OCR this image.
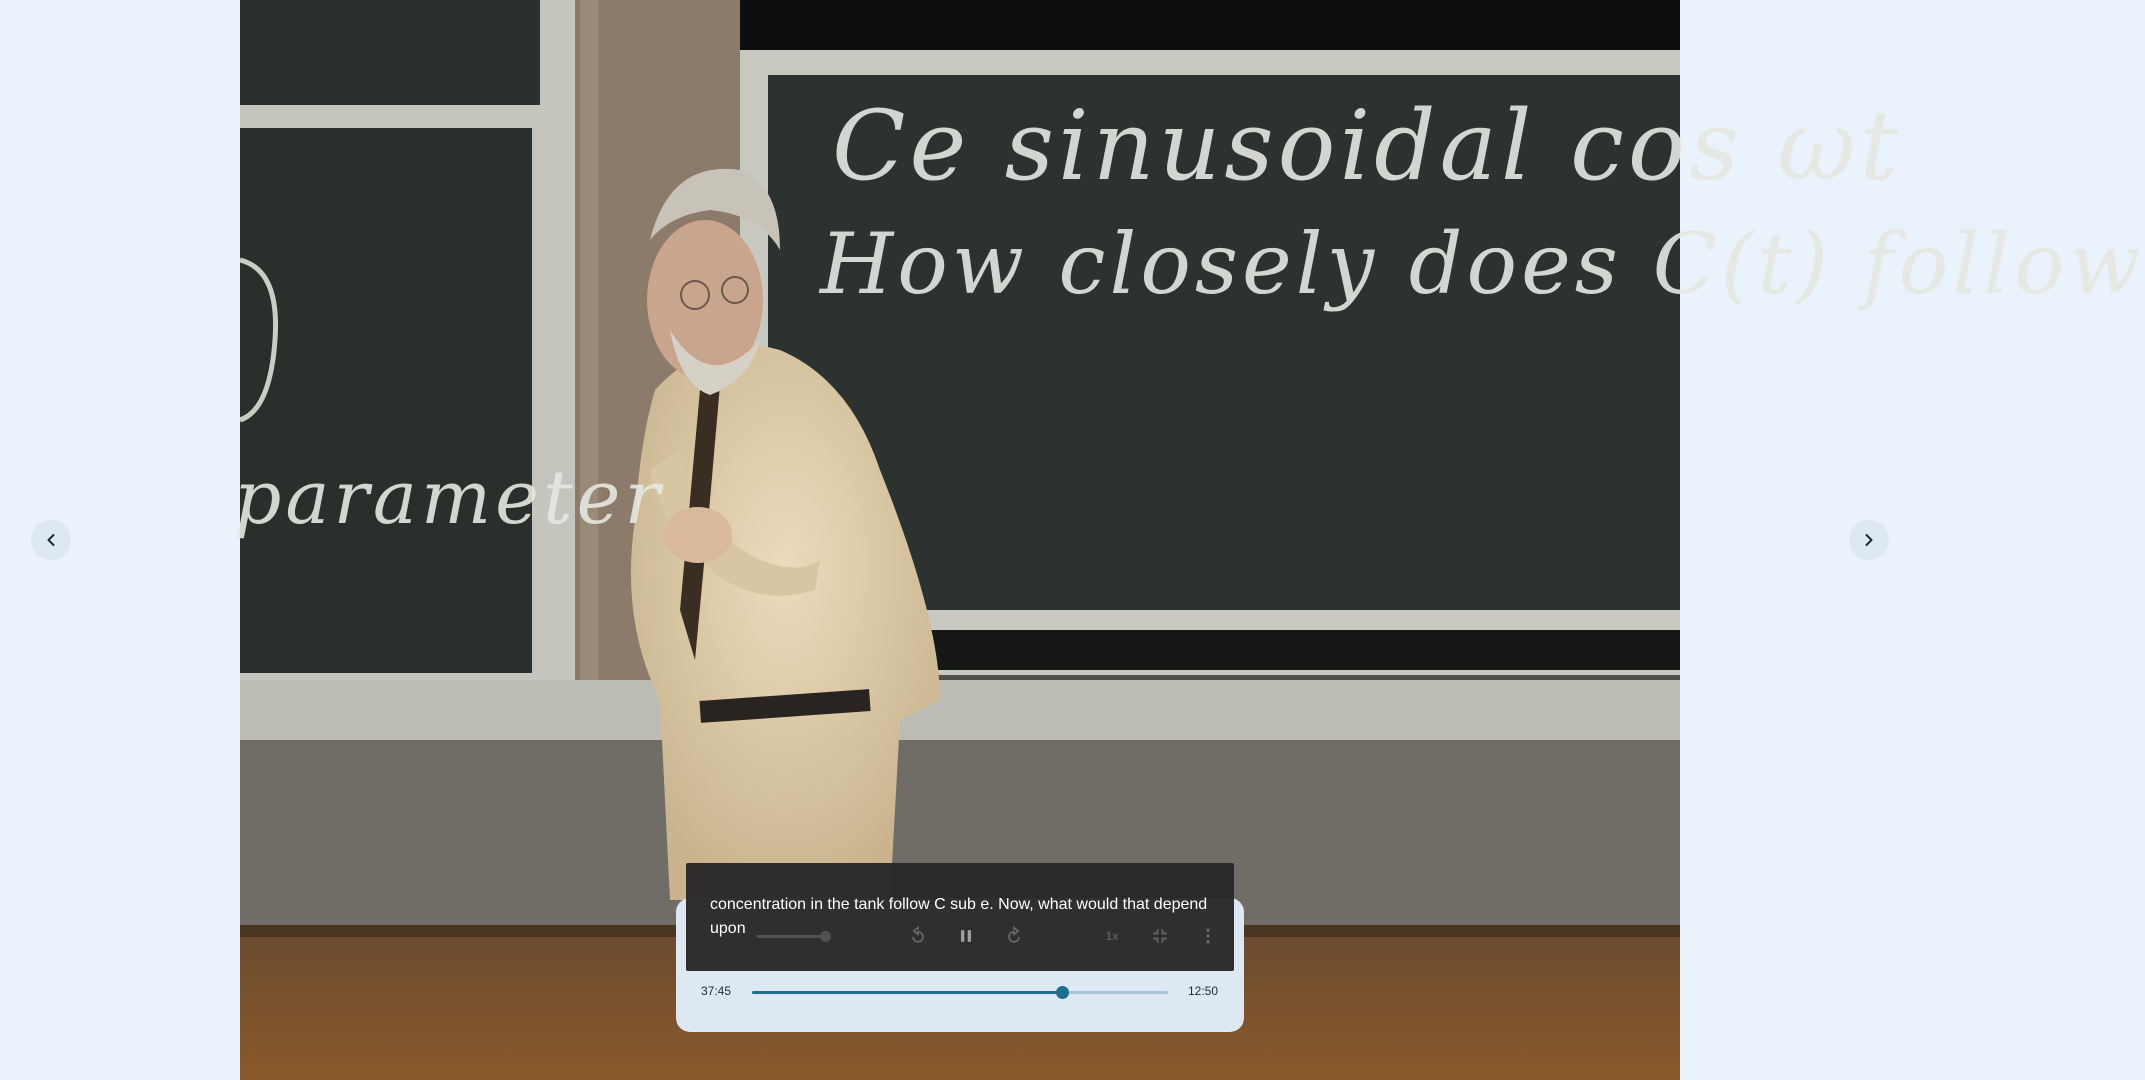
Ce sinusoidal cos ωt
How closely does C(t) follow
parameter
concentration in the tank follow C sub e. Now, what would that depend upon	1x
37:45	12:50
